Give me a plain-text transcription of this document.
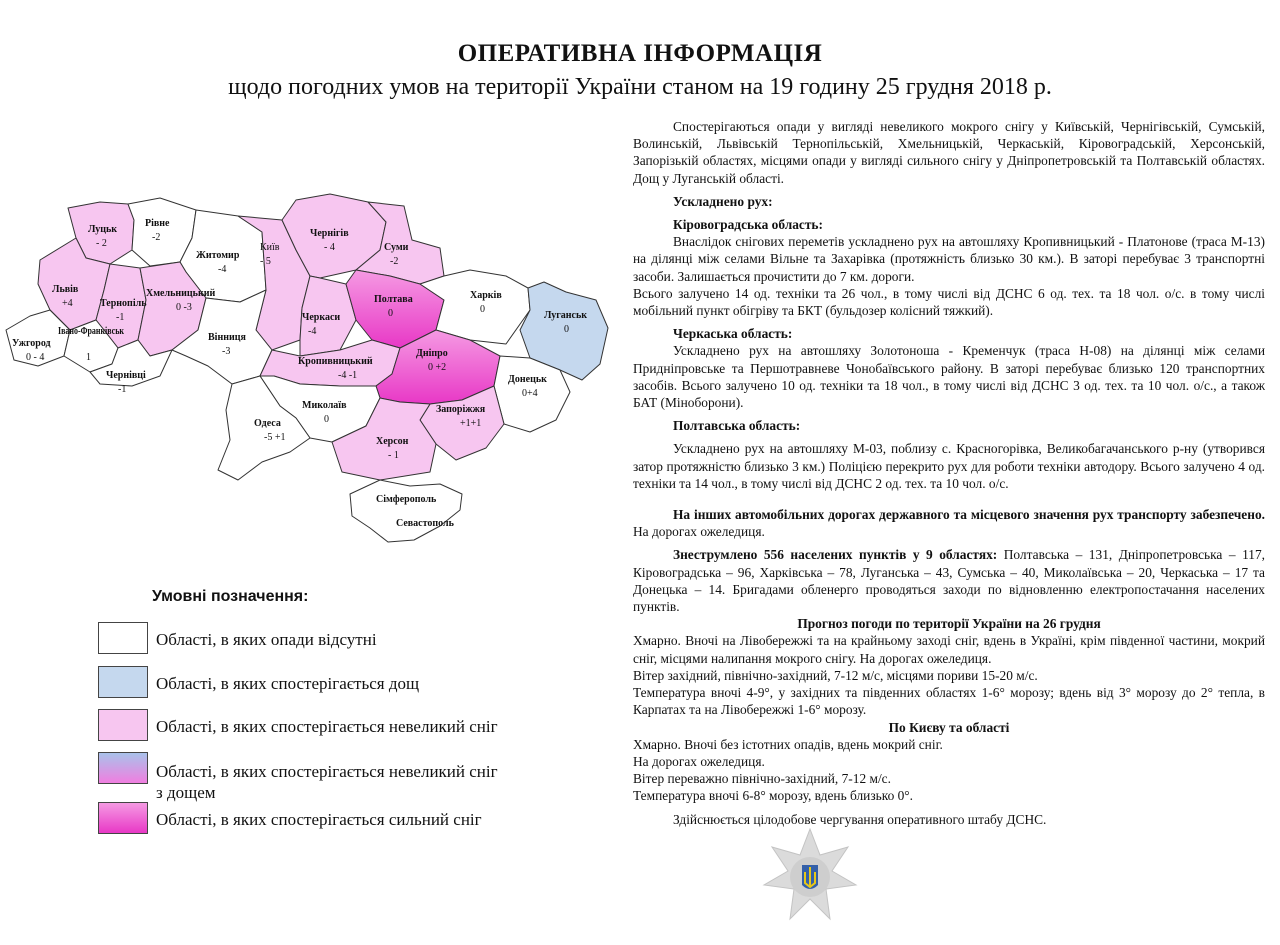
ОПЕРАТИВНА ІНФОРМАЦІЯ
щодо погодних умов на території України станом на 19 годину 25 грудня 2018 р.
Луцьк
- 2
Рівне
-2
Житомир
-4
Київ
- 5
Чернігів
- 4	Суми
-2
Львів
+4	Тернопіль
-1
Хмельницький
0 -3
Вінниця
-3
Черкаси
-4
Полтава
0
Харків
0
Луганськ
0
Ужгород
0 - 4
Івано-Франківськ
1
Чернівці
-1
Кропивницький
-4 -1
Дніпро
0 +2
Донецьк
0+4
Миколаїв
0
Одеса
-5 +1
Запоріжжя
+1+1
Херсон
- 1
Сімферополь
Севастополь
Умовні позначення:
Області, в яких опади відсутні
Області, в яких спостерігається дощ
Області, в яких спостерігається невеликий сніг
Області, в яких спостерігається невеликий сніг з дощем
Області, в яких спостерігається сильний сніг

Спостерігаються опади у вигляді невеликого мокрого снігу у Київській, Чернігівській, Сумській, Волинській, Львівській Тернопільській, Хмельницькій, Черкаській, Кіровоградській, Херсонській, Запорізькій областях, місцями опади у вигляді сильного снігу у Дніпропетровській та Полтавській областях. Дощ у Луганській області.

Ускладнено рух:

Кіровоградська область:

Внаслідок снігових переметів ускладнено рух на автошляху Кропивницький - Платонове (траса М-13) на ділянці між селами Вільне та Захарівка (протяжність близько 30 км.). В заторі перебуває 3 транспортні засоби. Залишається прочистити до 7 км. дороги.

Всього залучено 14 од. техніки та 26 чол., в тому числі від ДСНС 6 од. тех. та 18 чол. о/с. в тому числі мобільний пункт обігріву та БКТ (бульдозер колісний тяжкий).

Черкаська область:

Ускладнено рух на автошляху Золотоноша - Кременчук (траса Н-08) на ділянці між селами Придніпровське та Першотравневе Чонобаївського району. В заторі перебуває близько 120 транспортних засобів. Всього залучено 10 од. техніки та 18 чол., в тому числі від ДСНС 3 од. тех. та 10 чол. о/с., а також БАТ (Міноборони).

Полтавська область:

Ускладнено рух на автошляху М-03, поблизу с. Красногорівка, Великобагачанського р-ну (утворився затор протяжністю близько 3 км.) Поліцією перекрито рух для роботи техніки автодору. Всього залучено 4 од. техніки та 14 чол., в тому числі від ДСНС 2 од. тех. та 10 чол. о/с.

На інших автомобільних дорогах державного та місцевого значення рух транспорту забезпечено. На дорогах ожеледиця.

Знеструмлено 556 населених пунктів у 9 областях: Полтавська – 131, Дніпропетровська – 117, Кіровоградська – 96, Харківська – 78, Луганська – 43, Сумська – 40, Миколаївська – 20, Черкаська – 17 та Донецька – 14. Бригадами обленерго проводяться заходи по відновленню електропостачання населених пунктів.

Прогноз погоди по території України на 26 грудня

Хмарно. Вночі на Лівобережжі та на крайньому заході сніг, вдень в Україні, крім південної частини, мокрий сніг, місцями налипання мокрого снігу. На дорогах ожеледиця.

Вітер західний, північно-західний, 7-12 м/с, місцями пориви 15-20 м/с.

Температура вночі 4-9°, у західних та південних областях 1-6° морозу; вдень від 3° морозу до 2° тепла, в Карпатах та на Лівобережжі 1-6° морозу.

По Києву та області

Хмарно. Вночі без істотних опадів, вдень мокрий сніг.

На дорогах ожеледиця.

Вітер переважно північно-західний, 7-12 м/с.

Температура вночі 6-8° морозу, вдень близько 0°.

Здійснюється цілодобове чергування оперативного штабу ДСНС.
